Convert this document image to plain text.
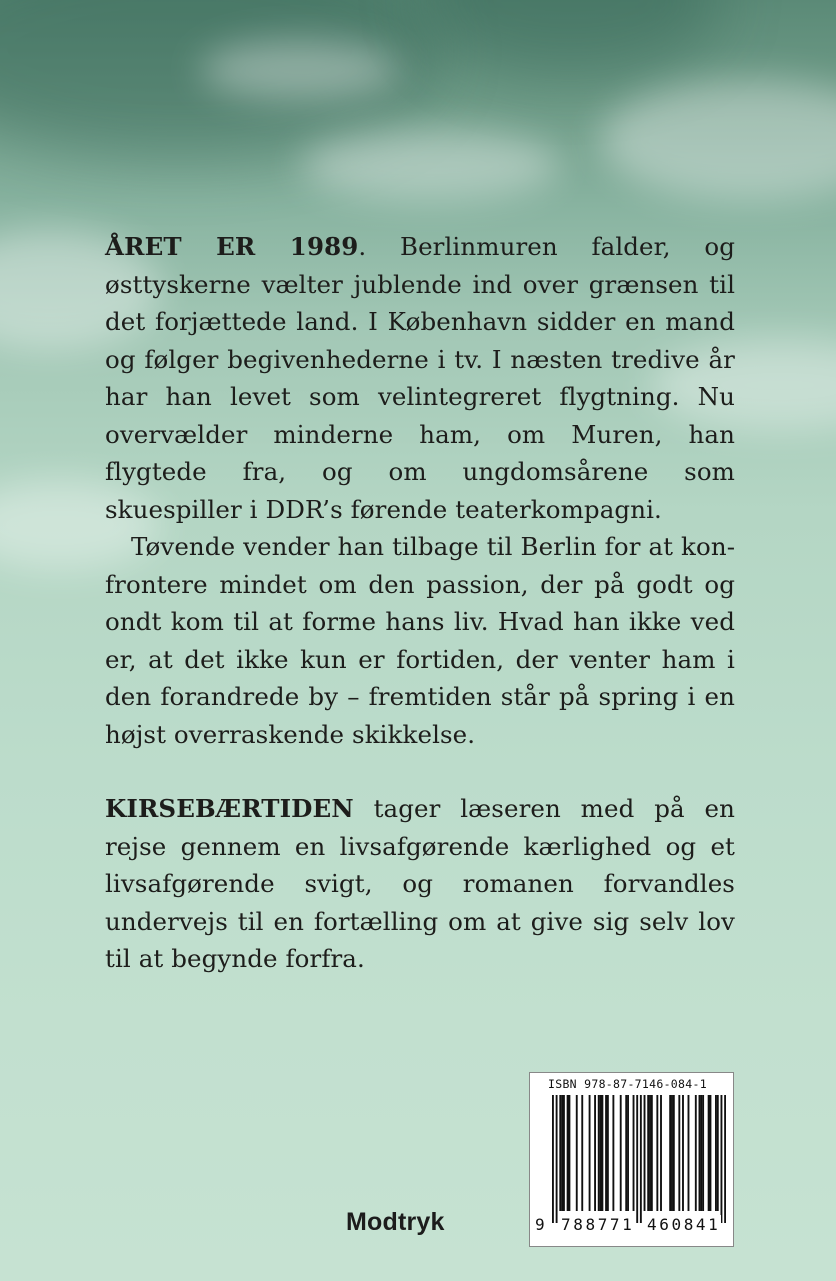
ÅRET ER 1989. Berlinmuren falder, og østtyskerne vælter jublende ind over grænsen til det forjættede land. I København sidder en mand og følger begivenhederne i tv. I næsten tredive år har han levet som velintegreret flygtning. Nu overvælder minderne ham, om Muren, han flygtede fra, og om ungdomsårene som skuespiller i DDR’s førende teaterkompagni.

Tøvende vender han tilbage til Berlin for at konfrontere mindet om den passion, der på godt og ondt kom til at forme hans liv. Hvad han ikke ved er, at det ikke kun er fortiden, der venter ham i den forandrede by – fremtiden står på spring i en højst overraskende skikkelse.

KIRSEBÆRTIDEN tager læseren med på en rejse gennem en livsafgørende kærlighed og et livsafgørende svigt, og romanen forvandles undervejs til en fortælling om at give sig selv lov til at begynde forfra.

Modtryk
ISBN 978-87-7146-084-1
9 788771 460841
